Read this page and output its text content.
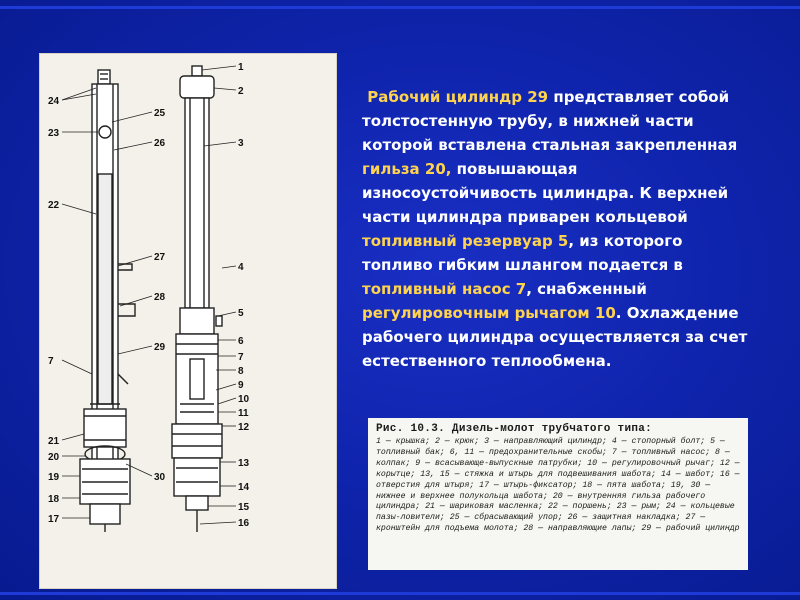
24
23
22
7
21
20
19
18
17
25
26
27
28
29
30
1
2
3
4
5
6
7
8
9
10
11
12
13
14
15
16
Рабочий цилиндр 29 представляет собой толстостенную трубу, в нижней части которой вставлена стальная закрепленная гильза 20, повышающая износоустойчивость цилиндра. К верхней части цилиндра приварен кольцевой топливный резервуар 5, из которого топливо гибким шлангом подается в топливный насос 7, снабженный регулировочным рычагом 10. Охлаждение рабочего цилиндра осуществляется за счет естественного теплообмена.
Рис. 10.3. Дизель-молот трубчатого типа:
1 — крышка; 2 — крюк; 3 — направляющий цилиндр; 4 — стопорный болт; 5 — топливный бак; 6, 11 — предохранительные скобы; 7 — топливный насос; 8 — колпак; 9 — всасывающе-выпускные патрубки; 10 — регулировочный рычаг; 12 — корытце; 13, 15 — стяжка и штырь для подвешивания шабота; 14 — шабот; 16 — отверстия для штыря; 17 — штырь-фиксатор; 18 — пята шабота; 19, 30 — нижнее и верхнее полукольца шабота; 20 — внутренняя гильза рабочего цилиндра; 21 — шариковая масленка; 22 — поршень; 23 — рым; 24 — кольцевые пазы-ловители; 25 — сбрасывающий упор; 26 — защитная накладка; 27 — кронштейн для подъема молота; 28 — направляющие лапы; 29 — рабочий цилиндр
